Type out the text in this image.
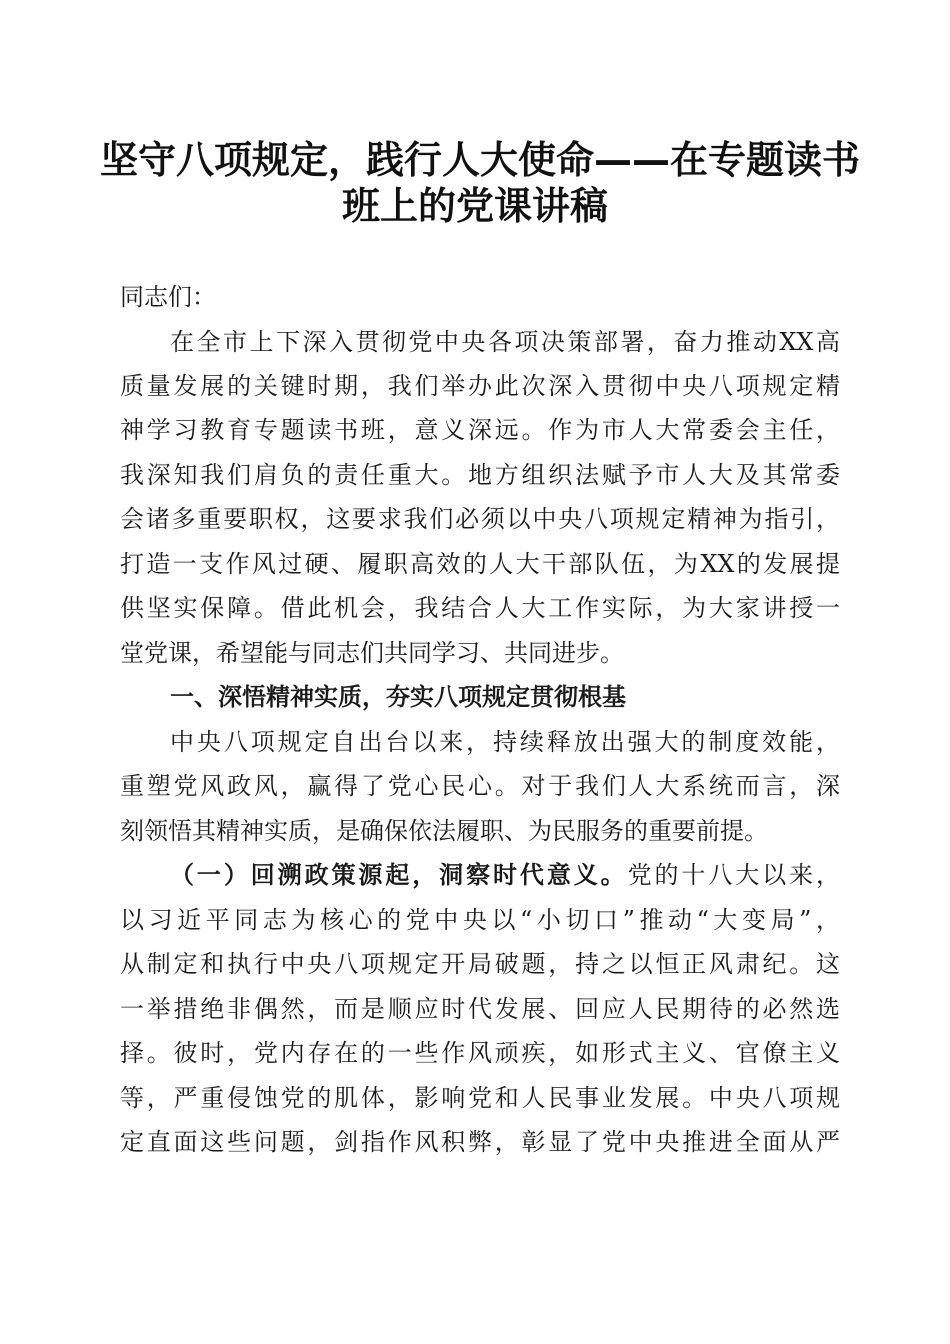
坚守八项规定，践行人大使命——在专题读书
班上的党课讲稿
同志们：
在全市上下深入贯彻党中央各项决策部署，奋力推动XX高
质量发展的关键时期，我们举办此次深入贯彻中央八项规定精
神学习教育专题读书班，意义深远。作为市人大常委会主任，
我深知我们肩负的责任重大。地方组织法赋予市人大及其常委
会诸多重要职权，这要求我们必须以中央八项规定精神为指引，
打造一支作风过硬、履职高效的人大干部队伍，为XX的发展提
供坚实保障。借此机会，我结合人大工作实际，为大家讲授一
堂党课，希望能与同志们共同学习、共同进步。
一、深悟精神实质，夯实八项规定贯彻根基
中央八项规定自出台以来，持续释放出强大的制度效能，
重塑党风政风，赢得了党心民心。对于我们人大系统而言，深
刻领悟其精神实质，是确保依法履职、为民服务的重要前提。
（一）回溯政策源起，洞察时代意义。党的十八大以来，
以习近平同志为核心的党中央以“小切口”推动“大变局”，
从制定和执行中央八项规定开局破题，持之以恒正风肃纪。这
一举措绝非偶然，而是顺应时代发展、回应人民期待的必然选
择。彼时，党内存在的一些作风顽疾，如形式主义、官僚主义
等，严重侵蚀党的肌体，影响党和人民事业发展。中央八项规
定直面这些问题，剑指作风积弊，彰显了党中央推进全面从严
